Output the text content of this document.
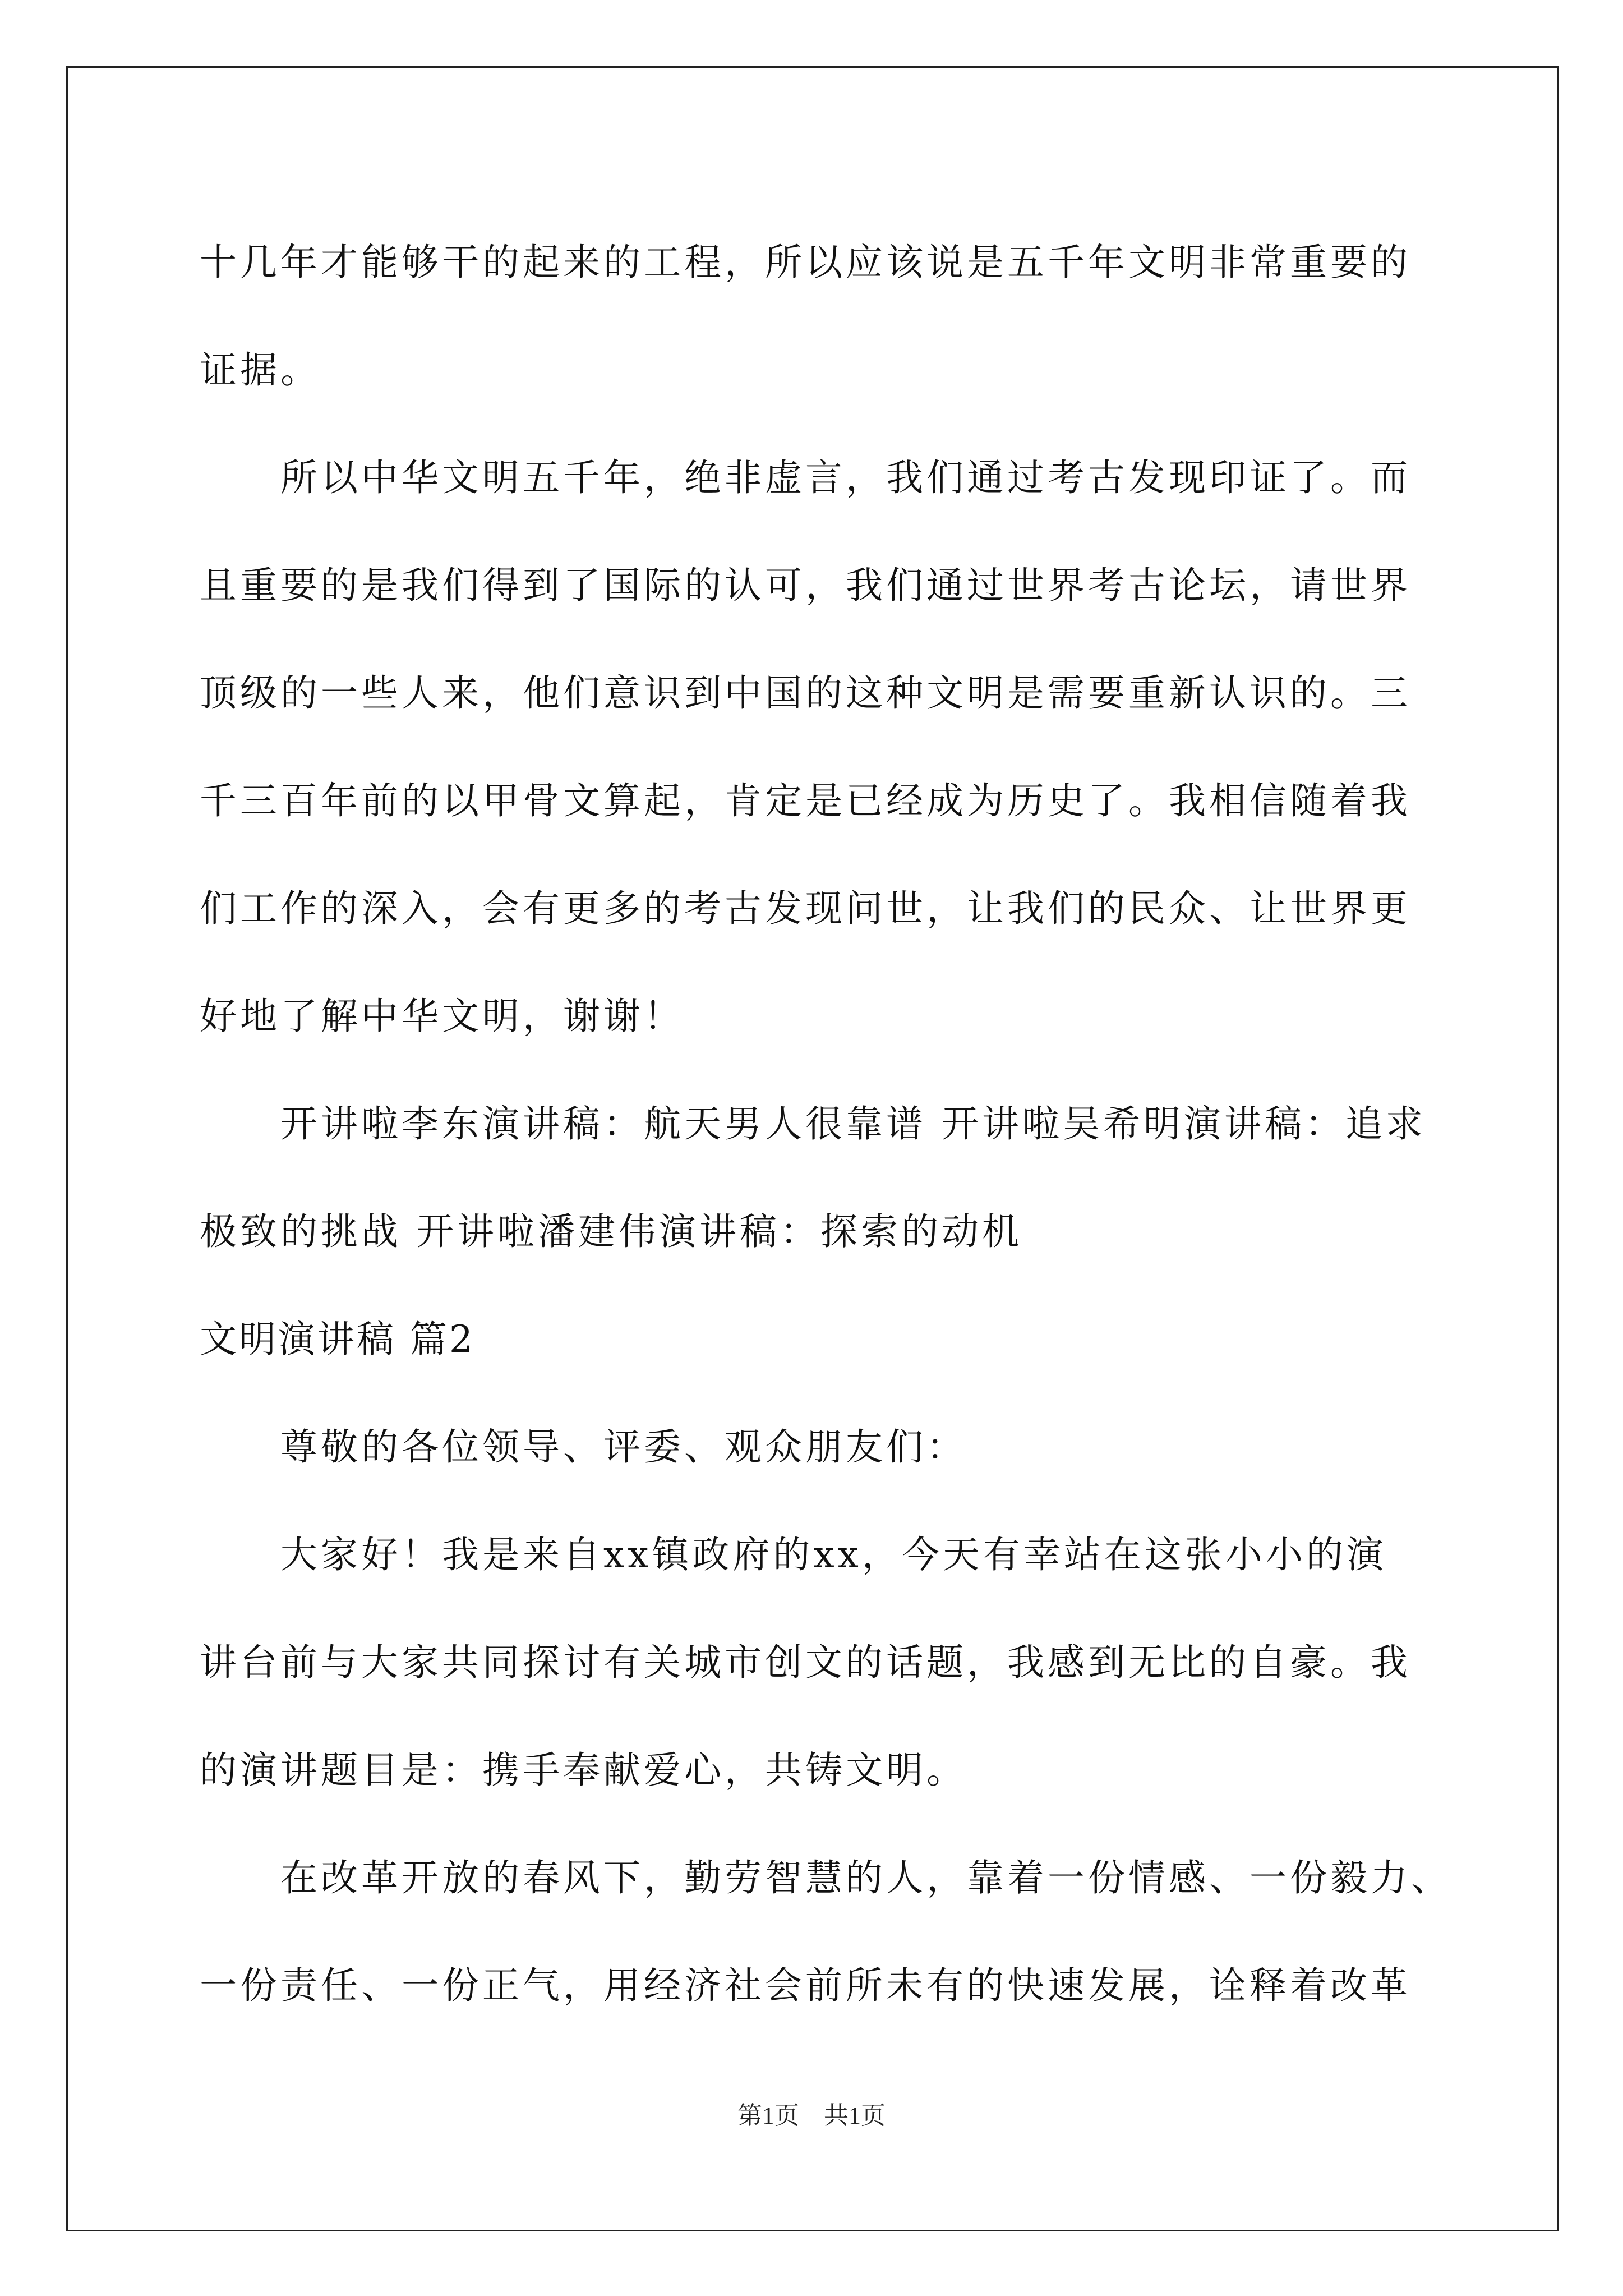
十几年才能够干的起来的工程，所以应该说是五千年文明非常重要的
证据。
所以中华文明五千年，绝非虚言，我们通过考古发现印证了。而
且重要的是我们得到了国际的认可，我们通过世界考古论坛，请世界
顶级的一些人来，他们意识到中国的这种文明是需要重新认识的。三
千三百年前的以甲骨文算起，肯定是已经成为历史了。我相信随着我
们工作的深入，会有更多的考古发现问世，让我们的民众、让世界更
好地了解中华文明，谢谢！
开讲啦李东演讲稿：航天男人很靠谱 开讲啦吴希明演讲稿：追求
极致的挑战 开讲啦潘建伟演讲稿：探索的动机
文明演讲稿 篇2
尊敬的各位领导、评委、观众朋友们：
大家好！我是来自xx镇政府的xx，今天有幸站在这张小小的演
讲台前与大家共同探讨有关城市创文的话题，我感到无比的自豪。我
的演讲题目是：携手奉献爱心，共铸文明。
在改革开放的春风下，勤劳智慧的人，靠着一份情感、一份毅力、
一份责任、一份正气，用经济社会前所未有的快速发展，诠释着改革
第1页　共1页
